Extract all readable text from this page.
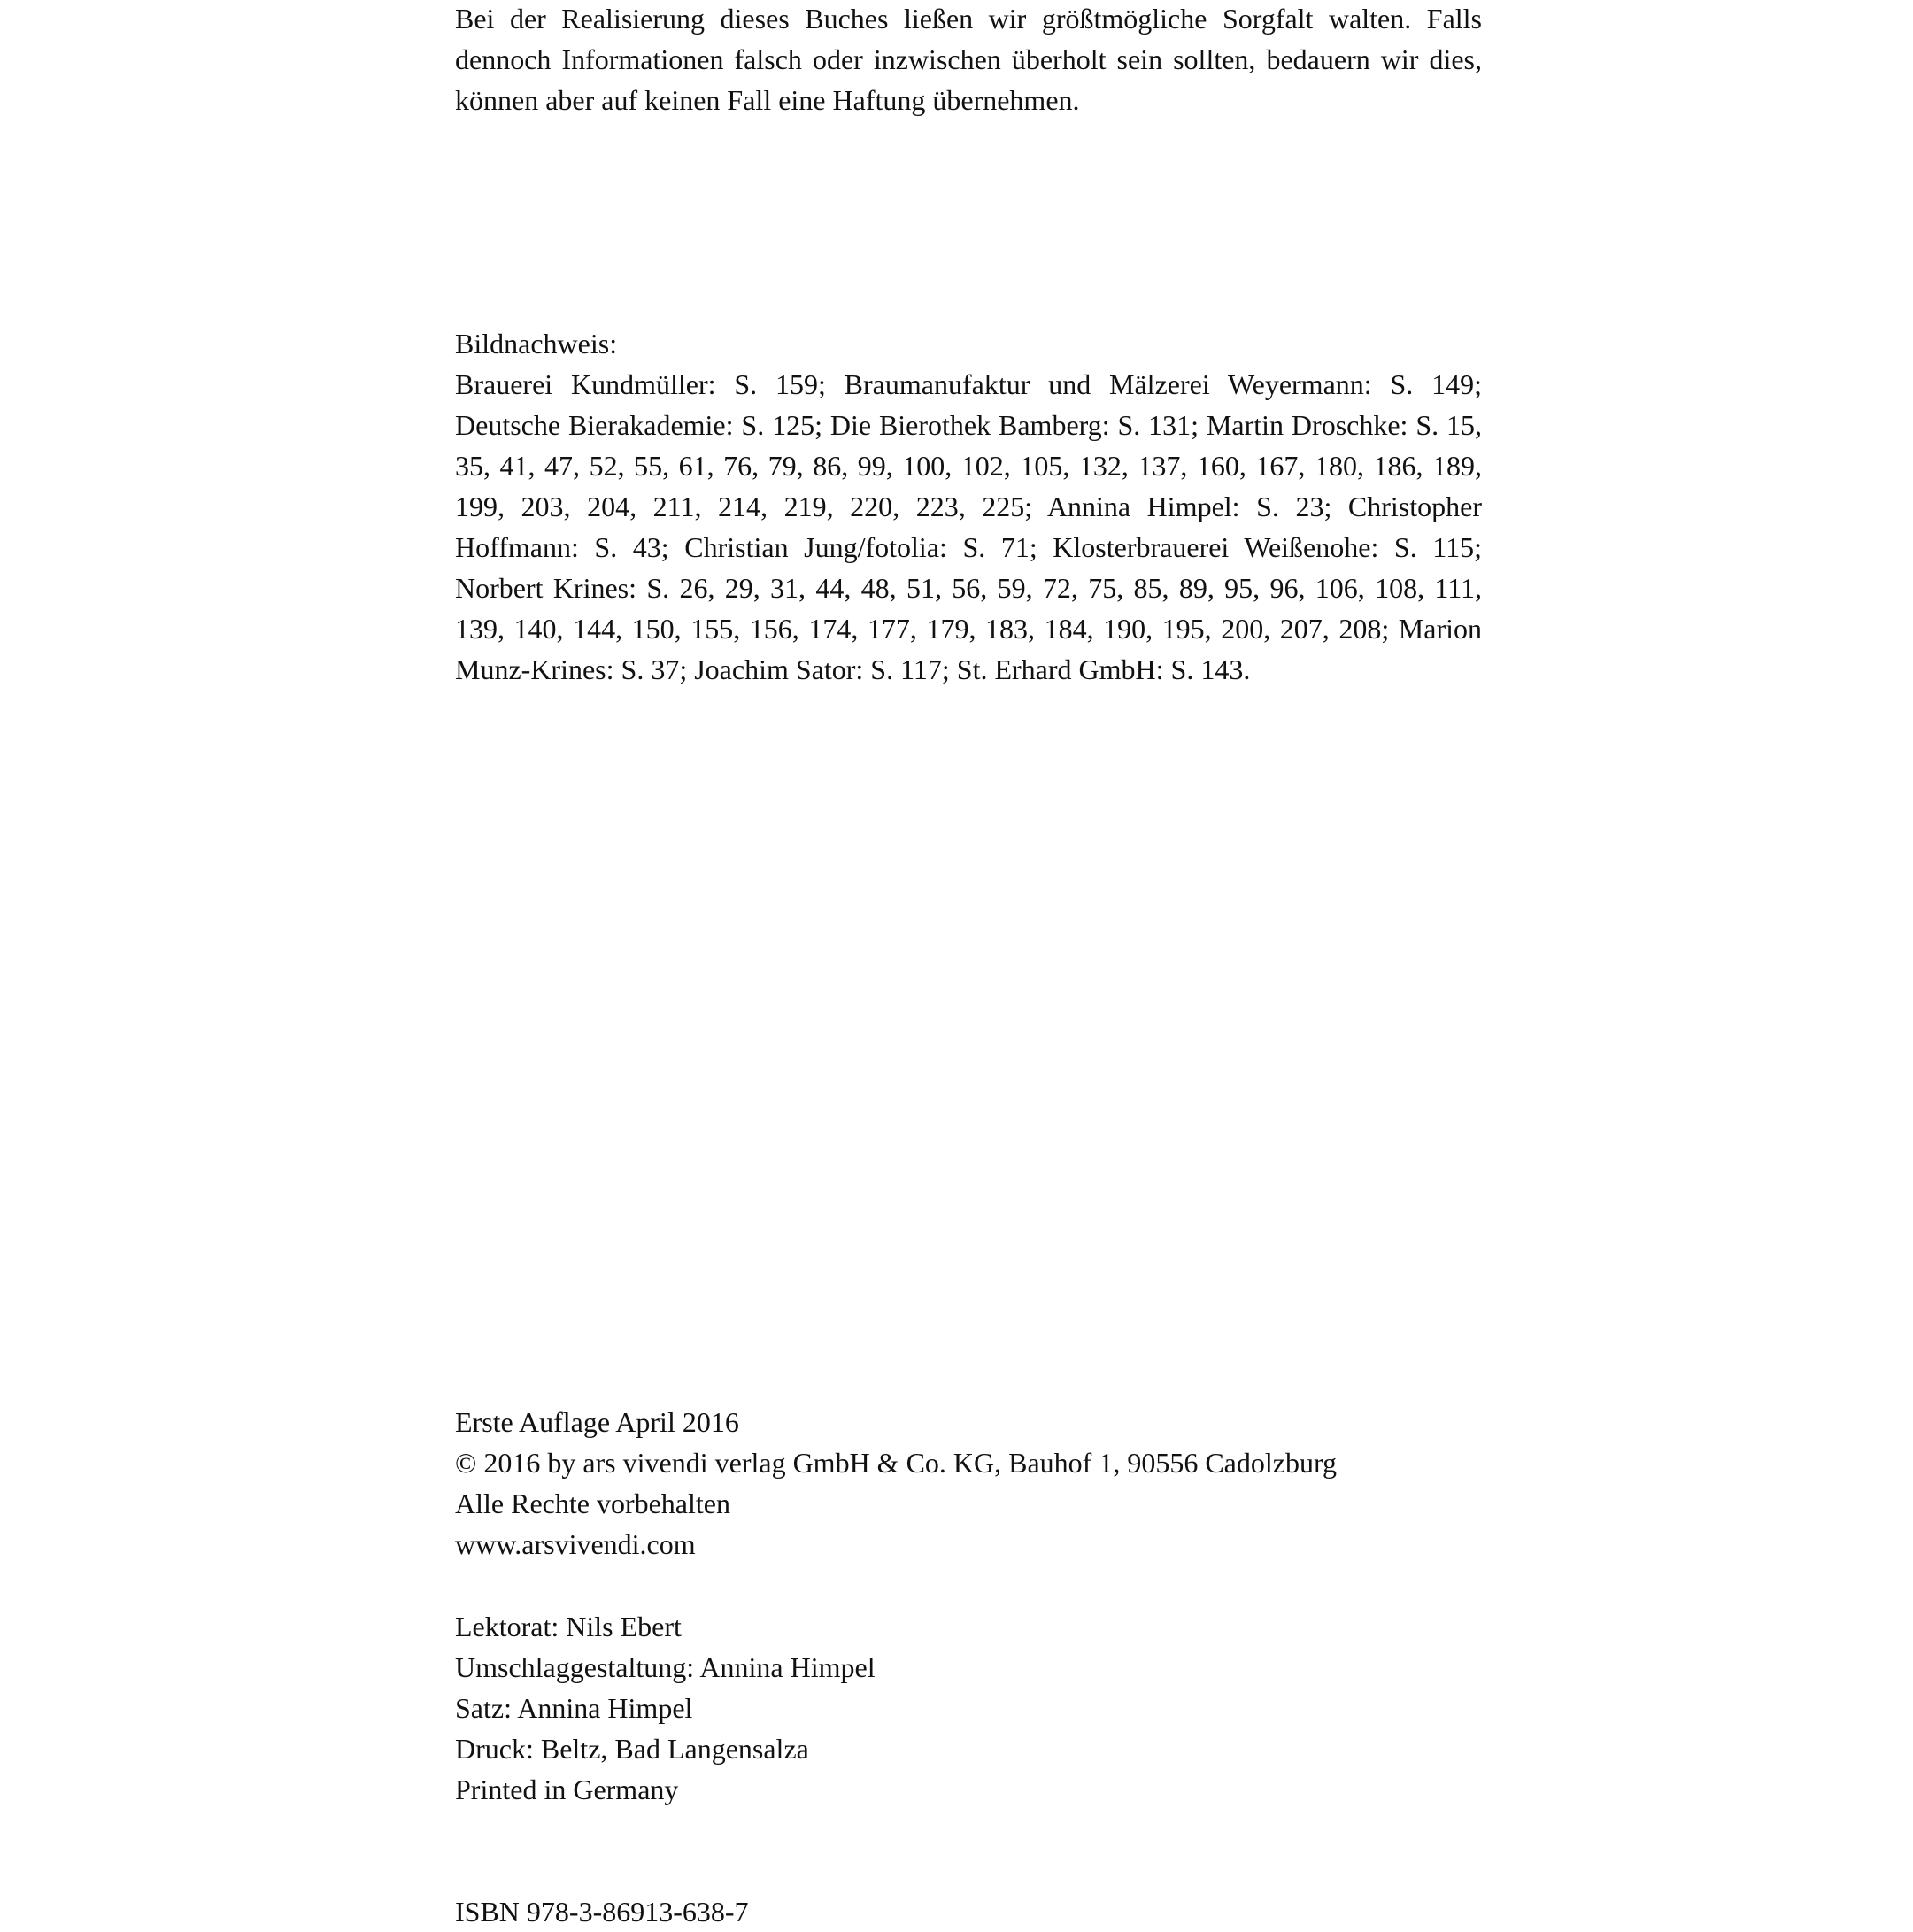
Bei der Realisierung dieses Buches ließen wir größtmögliche Sorgfalt walten. Falls dennoch Informationen falsch oder inzwischen überholt sein sollten, bedauern wir dies, können aber auf keinen Fall eine Haftung übernehmen.

Bildnachweis:

Brauerei Kundmüller: S. 159; Braumanufaktur und Mälzerei Weyermann: S. 149; Deutsche Bierakademie: S. 125; Die Bierothek Bamberg: S. 131; Martin Droschke: S. 15, 35, 41, 47, 52, 55, 61, 76, 79, 86, 99, 100, 102, 105, 132, 137, 160, 167, 180, 186, 189, 199, 203, 204, 211, 214, 219, 220, 223, 225; Annina Himpel: S. 23; Christopher Hoffmann: S. 43; Christian Jung/fotolia: S. 71; Klosterbrauerei Weißenohe: S. 115; Norbert Krines: S. 26, 29, 31, 44, 48, 51, 56, 59, 72, 75, 85, 89, 95, 96, 106, 108, 111, 139, 140, 144, 150, 155, 156, 174, 177, 179, 183, 184, 190, 195, 200, 207, 208; Marion Munz-Krines: S. 37; Joachim Sator: S. 117; St. Erhard GmbH: S. 143.

Erste Auflage April 2016

© 2016 by ars vivendi verlag GmbH & Co. KG, Bauhof 1, 90556 Cadolzburg

Alle Rechte vorbehalten

www.arsvivendi.com

Lektorat: Nils Ebert

Umschlaggestaltung: Annina Himpel

Satz: Annina Himpel

Druck: Beltz, Bad Langensalza

Printed in Germany

ISBN 978-3-86913-638-7
